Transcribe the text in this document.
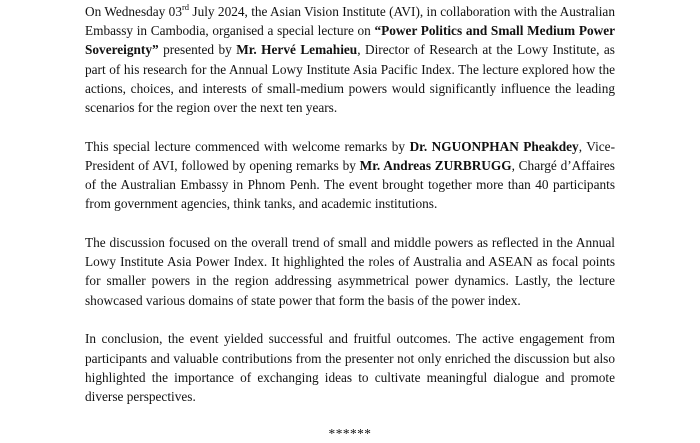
On Wednesday 03rd July 2024, the Asian Vision Institute (AVI), in collaboration with the Australian Embassy in Cambodia, organised a special lecture on “Power Politics and Small Medium Power Sovereignty” presented by Mr. Hervé Lemahieu, Director of Research at the Lowy Institute, as part of his research for the Annual Lowy Institute Asia Pacific Index. The lecture explored how the actions, choices, and interests of small-medium powers would significantly influence the leading scenarios for the region over the next ten years.

This special lecture commenced with welcome remarks by Dr. NGUONPHAN Pheakdey, Vice-President of AVI, followed by opening remarks by Mr. Andreas ZURBRUGG, Chargé d’Affaires of the Australian Embassy in Phnom Penh. The event brought together more than 40 participants from government agencies, think tanks, and academic institutions.

The discussion focused on the overall trend of small and middle powers as reflected in the Annual Lowy Institute Asia Power Index. It highlighted the roles of Australia and ASEAN as focal points for smaller powers in the region addressing asymmetrical power dynamics. Lastly, the lecture showcased various domains of state power that form the basis of the power index.

In conclusion, the event yielded successful and fruitful outcomes. The active engagement from participants and valuable contributions from the presenter not only enriched the discussion but also highlighted the importance of exchanging ideas to cultivate meaningful dialogue and promote diverse perspectives.

******
